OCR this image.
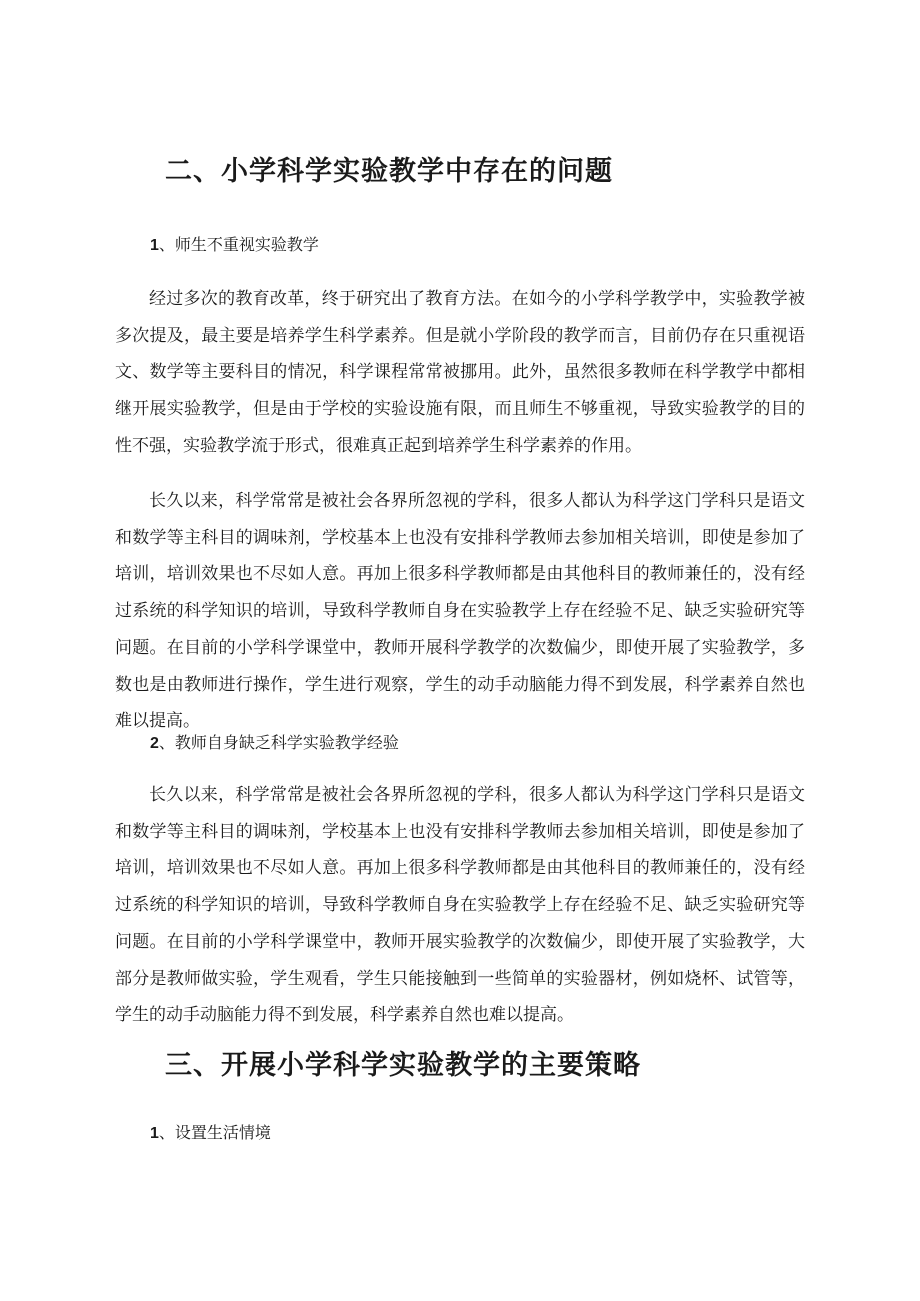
二、小学科学实验教学中存在的问题
1、师生不重视实验教学

经过多次的教育改革，终于研究出了教育方法。在如今的小学科学教学中，实验教学被多次提及，最主要是培养学生科学素养。但是就小学阶段的教学而言，目前仍存在只重视语文、数学等主要科目的情况，科学课程常常被挪用。此外，虽然很多教师在科学教学中都相继开展实验教学，但是由于学校的实验设施有限，而且师生不够重视，导致实验教学的目的性不强，实验教学流于形式，很难真正起到培养学生科学素养的作用。

长久以来，科学常常是被社会各界所忽视的学科，很多人都认为科学这门学科只是语文和数学等主科目的调味剂，学校基本上也没有安排科学教师去参加相关培训，即使是参加了培训，培训效果也不尽如人意。再加上很多科学教师都是由其他科目的教师兼任的，没有经过系统的科学知识的培训，导致科学教师自身在实验教学上存在经验不足、缺乏实验研究等问题。在目前的小学科学课堂中，教师开展科学教学的次数偏少，即使开展了实验教学，多数也是由教师进行操作，学生进行观察，学生的动手动脑能力得不到发展，科学素养自然也难以提高。

2、教师自身缺乏科学实验教学经验

长久以来，科学常常是被社会各界所忽视的学科，很多人都认为科学这门学科只是语文和数学等主科目的调味剂，学校基本上也没有安排科学教师去参加相关培训，即使是参加了培训，培训效果也不尽如人意。再加上很多科学教师都是由其他科目的教师兼任的，没有经过系统的科学知识的培训，导致科学教师自身在实验教学上存在经验不足、缺乏实验研究等问题。在目前的小学科学课堂中，教师开展实验教学的次数偏少，即使开展了实验教学，大部分是教师做实验，学生观看，学生只能接触到一些简单的实验器材，例如烧杯、试管等，学生的动手动脑能力得不到发展，科学素养自然也难以提高。

三、开展小学科学实验教学的主要策略
1、设置生活情境
